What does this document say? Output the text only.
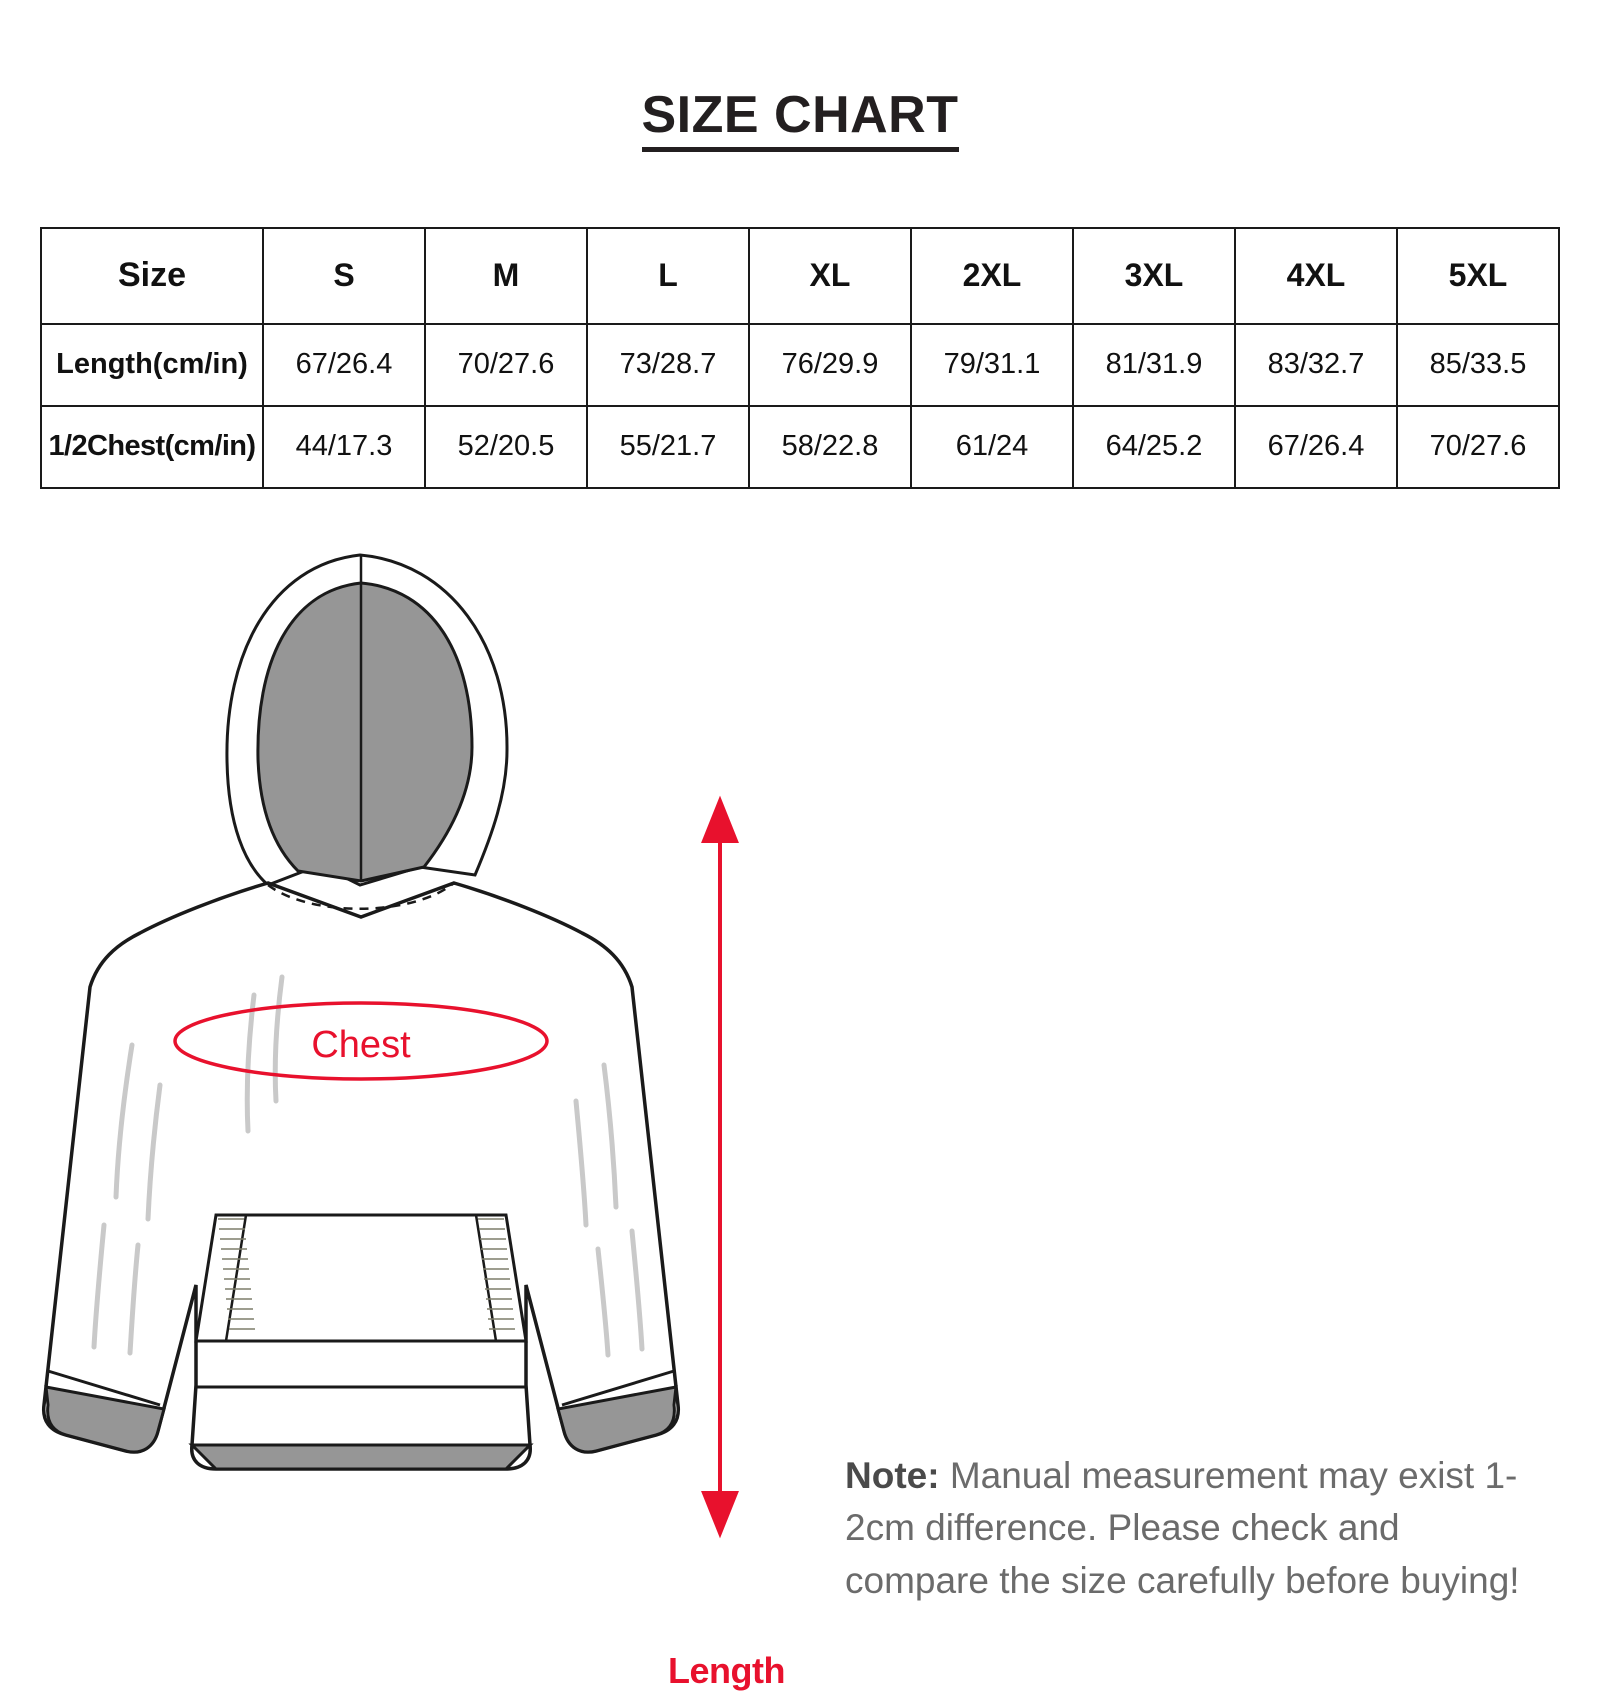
SIZE CHART
Size	S	M	L	XL	2XL	3XL	4XL	5XL
Length(cm/in)	67/26.4	70/27.6	73/28.7	76/29.9	79/31.1	81/31.9	83/32.7	85/33.5
1/2Chest(cm/in)	44/17.3	52/20.5	55/21.7	58/22.8	61/24	64/25.2	67/26.4	70/27.6
Chest
Length
Note: Manual measurement may exist 1-2cm difference. Please check and compare the size carefully before buying!
